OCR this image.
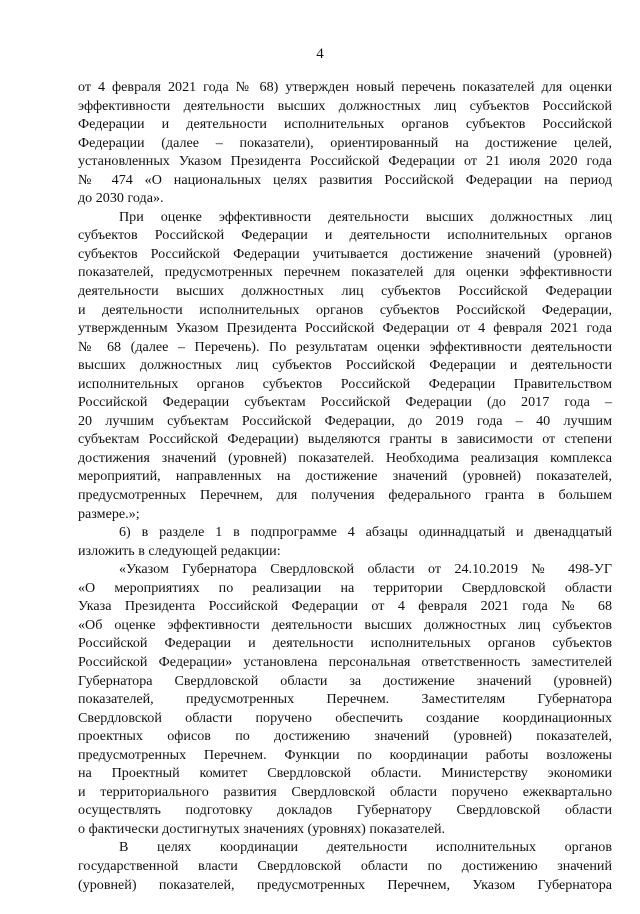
4
от 4 февраля 2021 года № 68) утвержден новый перечень показателей для оценки
эффективности деятельности высших должностных лиц субъектов Российской
Федерации и деятельности исполнительных органов субъектов Российской
Федерации (далее – показатели), ориентированный на достижение целей,
установленных Указом Президента Российской Федерации от 21 июля 2020 года
№ 474 «О национальных целях развития Российской Федерации на период
до 2030 года».
При оценке эффективности деятельности высших должностных лиц
субъектов Российской Федерации и деятельности исполнительных органов
субъектов Российской Федерации учитывается достижение значений (уровней)
показателей, предусмотренных перечнем показателей для оценки эффективности
деятельности высших должностных лиц субъектов Российской Федерации
и деятельности исполнительных органов субъектов Российской Федерации,
утвержденным Указом Президента Российской Федерации от 4 февраля 2021 года
№ 68 (далее – Перечень). По результатам оценки эффективности деятельности
высших должностных лиц субъектов Российской Федерации и деятельности
исполнительных органов субъектов Российской Федерации Правительством
Российской Федерации субъектам Российской Федерации (до 2017 года –
20 лучшим субъектам Российской Федерации, до 2019 года – 40 лучшим
субъектам Российской Федерации) выделяются гранты в зависимости от степени
достижения значений (уровней) показателей. Необходима реализация комплекса
мероприятий, направленных на достижение значений (уровней) показателей,
предусмотренных Перечнем, для получения федерального гранта в большем
размере.»;
6) в разделе 1 в подпрограмме 4 абзацы одиннадцатый и двенадцатый
изложить в следующей редакции:
«Указом Губернатора Свердловской области от 24.10.2019 № 498-УГ
«О мероприятиях по реализации на территории Свердловской области
Указа Президента Российской Федерации от 4 февраля 2021 года № 68
«Об оценке эффективности деятельности высших должностных лиц субъектов
Российской Федерации и деятельности исполнительных органов субъектов
Российской Федерации» установлена персональная ответственность заместителей
Губернатора Свердловской области за достижение значений (уровней)
показателей, предусмотренных Перечнем. Заместителям Губернатора
Свердловской области поручено обеспечить создание координационных
проектных офисов по достижению значений (уровней) показателей,
предусмотренных Перечнем. Функции по координации работы возложены
на Проектный комитет Свердловской области. Министерству экономики
и территориального развития Свердловской области поручено ежеквартально
осуществлять подготовку докладов Губернатору Свердловской области
о фактически достигнутых значениях (уровнях) показателей.
В целях координации деятельности исполнительных органов
государственной власти Свердловской области по достижению значений
(уровней) показателей, предусмотренных Перечнем, Указом Губернатора
